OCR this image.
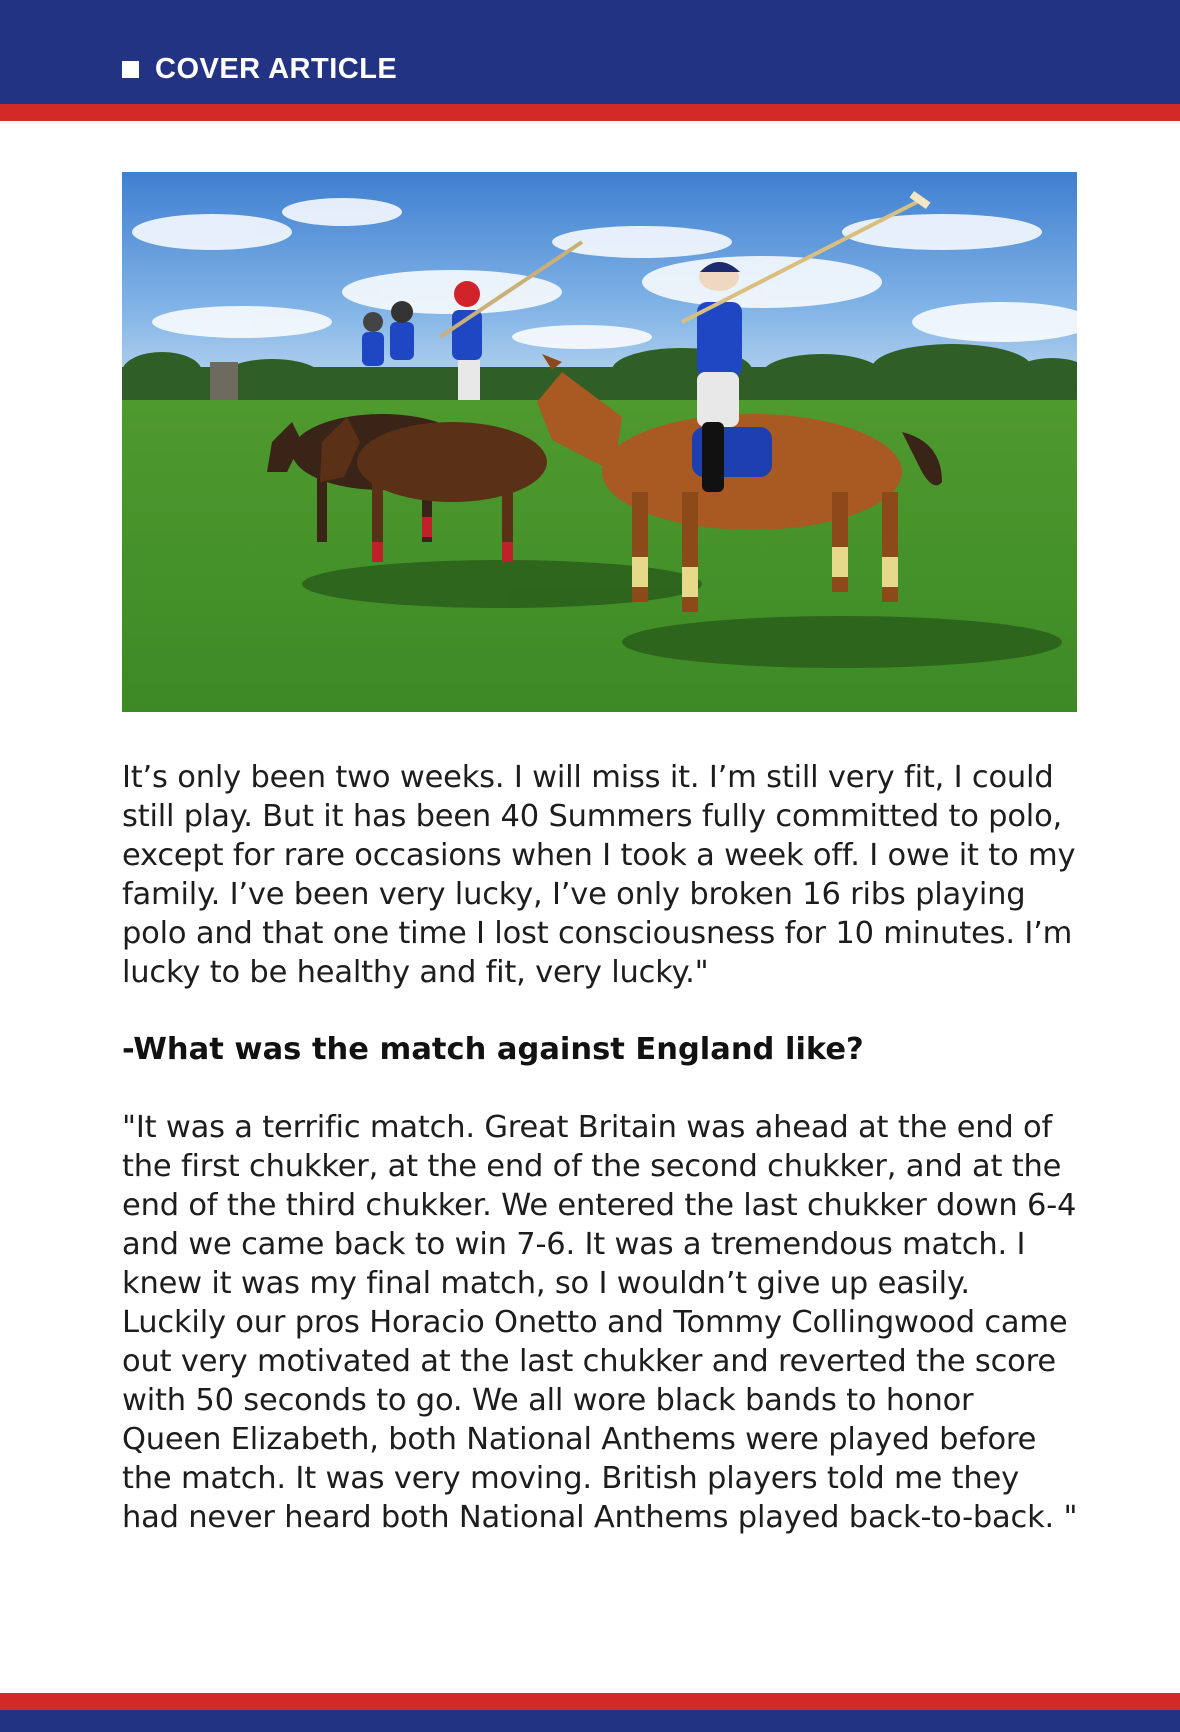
COVER ARTICLE
It’s only been two weeks. I will miss it. I’m still very fit, I could still play. But it has been 40 Summers fully committed to polo, except for rare occasions when I took a week off. I owe it to my family. I’ve been very lucky, I’ve only broken 16 ribs playing polo and that one time I lost consciousness for 10 minutes. I’m lucky to be healthy and fit, very lucky."
-What was the match against England like?
"It was a terrific match. Great Britain was ahead at the end of the first chukker, at the end of the second chukker, and at the end of the third chukker. We entered the last chukker down 6-4 and we came back to win 7-6. It was a tremendous match. I knew it was my final match, so I wouldn’t give up easily. Luckily our pros Horacio Onetto and Tommy Collingwood came out very motivated at the last chukker and reverted the score with 50 seconds to go. We all wore black bands to honor Queen Elizabeth, both National Anthems were played before the match. It was very moving. British players told me they had never heard both National Anthems played back-to-back. "
